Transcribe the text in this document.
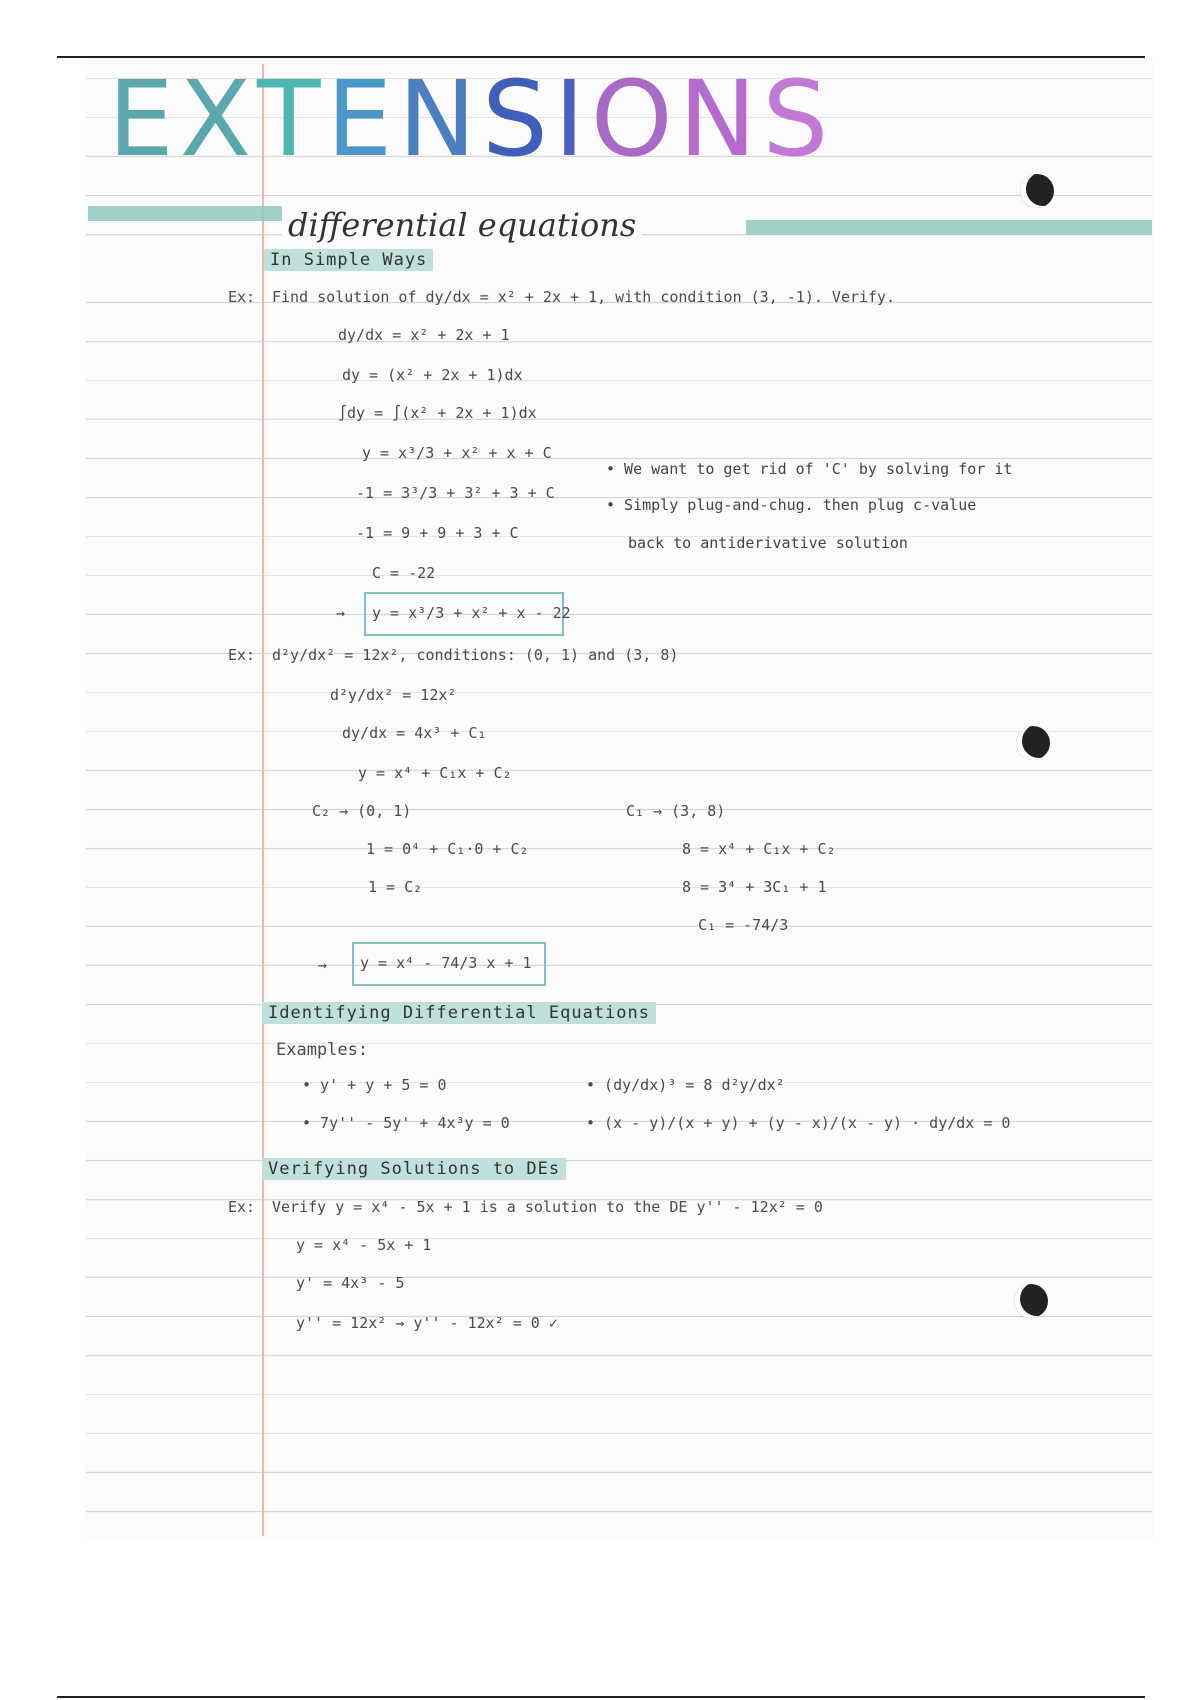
EXTENSIONS
differential equations
In Simple Ways
Ex: Find solution of dy/dx = x² + 2x + 1, with condition (3, -1). Verify.
dy/dx = x² + 2x + 1
dy = (x² + 2x + 1)dx
∫dy = ∫(x² + 2x + 1)dx
y = x³/3 + x² + x + C
-1 = 3³/3 + 3² + 3 + C
-1 = 9 + 9 + 3 + C
C = -22
• We want to get rid of 'C' by solving for it
• Simply plug-and-chug. then plug c-value
back to antiderivative solution
→ y = x³/3 + x² + x - 22
Ex: d²y/dx² = 12x², conditions: (0, 1) and (3, 8)
d²y/dx² = 12x²
dy/dx = 4x³ + C₁
y = x⁴ + C₁x + C₂
C₂ → (0, 1)
1 = 0⁴ + C₁·0 + C₂
1 = C₂
C₁ → (3, 8)
8 = x⁴ + C₁x + C₂
8 = 3⁴ + 3C₁ + 1
C₁ = -74/3
→ y = x⁴ - 74/3 x + 1
Identifying Differential Equations
Examples:
• y' + y + 5 = 0	• (dy/dx)³ = 8 d²y/dx²
• 7y'' - 5y' + 4x³y = 0	• (x - y)/(x + y) + (y - x)/(x - y) · dy/dx = 0
Verifying Solutions to DEs
Ex: Verify y = x⁴ - 5x + 1 is a solution to the DE y'' - 12x² = 0
y = x⁴ - 5x + 1
y' = 4x³ - 5
y'' = 12x² → y'' - 12x² = 0 ✓
